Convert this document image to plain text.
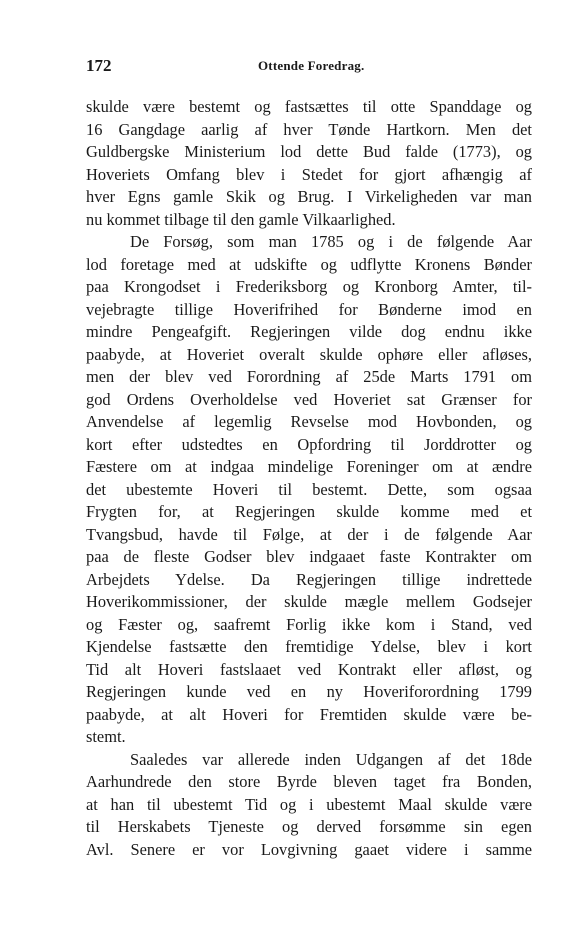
172	Ottende Foredrag.
skulde være bestemt og fastsættes til otte Spanddage og
16 Gangdage aarlig af hver Tønde Hartkorn. Men det
Guldbergske Ministerium lod dette Bud falde (1773), og
Hoveriets Omfang blev i Stedet for gjort afhængig af
hver Egns gamle Skik og Brug. I Virkeligheden var man
nu kommet tilbage til den gamle Vilkaarlighed.
De Forsøg, som man 1785 og i de følgende Aar
lod foretage med at udskifte og udflytte Kronens Bønder
paa Krongodset i Frederiksborg og Kronborg Amter, til-
vejebragte tillige Hoverifrihed for Bønderne imod en
mindre Pengeafgift. Regjeringen vilde dog endnu ikke
paabyde, at Hoveriet overalt skulde ophøre eller afløses,
men der blev ved Forordning af 25de Marts 1791 om
god Ordens Overholdelse ved Hoveriet sat Grænser for
Anvendelse af legemlig Revselse mod Hovbonden, og
kort efter udstedtes en Opfordring til Jorddrotter og
Fæstere om at indgaa mindelige Foreninger om at ændre
det ubestemte Hoveri til bestemt. Dette, som ogsaa
Frygten for, at Regjeringen skulde komme med et
Tvangsbud, havde til Følge, at der i de følgende Aar
paa de fleste Godser blev indgaaet faste Kontrakter om
Arbejdets Ydelse. Da Regjeringen tillige indrettede
Hoverikommissioner, der skulde mægle mellem Godsejer
og Fæster og, saafremt Forlig ikke kom i Stand, ved
Kjendelse fastsætte den fremtidige Ydelse, blev i kort
Tid alt Hoveri fastslaaet ved Kontrakt eller afløst, og
Regjeringen kunde ved en ny Hoveriforordning 1799
paabyde, at alt Hoveri for Fremtiden skulde være be-
stemt.
Saaledes var allerede inden Udgangen af det 18de
Aarhundrede den store Byrde bleven taget fra Bonden,
at han til ubestemt Tid og i ubestemt Maal skulde være
til Herskabets Tjeneste og derved forsømme sin egen
Avl. Senere er vor Lovgivning gaaet videre i samme
